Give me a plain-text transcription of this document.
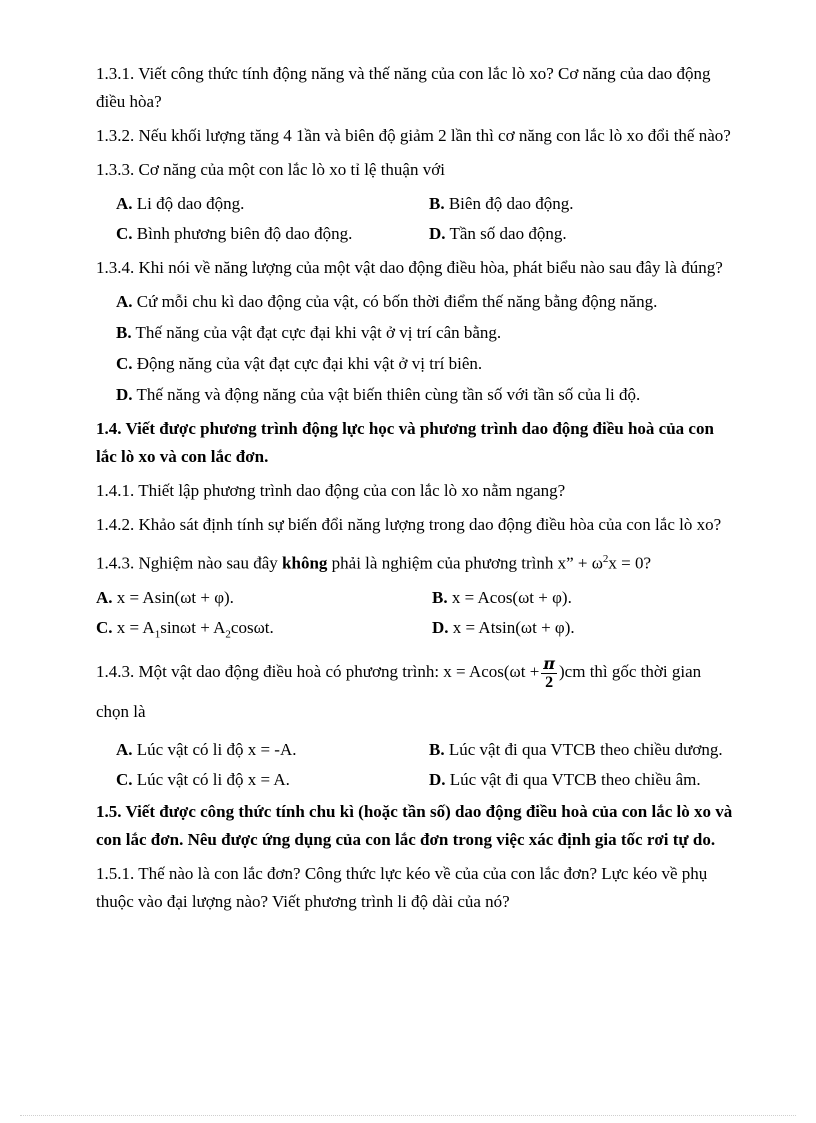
1.3.1. Viết công thức tính động năng và thế năng của con lắc lò xo? Cơ năng của dao động điều hòa?

1.3.2. Nếu khối lượng tăng 4 1ần và biên độ giảm 2 lần thì cơ năng con lắc lò xo đổi thế nào?

1.3.3. Cơ năng của một con lắc lò xo tỉ lệ thuận với

A. Li độ dao động.	B. Biên độ dao động.
C. Bình phương biên độ dao động.	D. Tần số dao động.

1.3.4. Khi nói về năng lượng của một vật dao động điều hòa, phát biểu nào sau đây là đúng?

A. Cứ mỗi chu kì dao động của vật, có bốn thời điểm thế năng bằng động năng.
B. Thế năng của vật đạt cực đại khi vật ở vị trí cân bằng.
C. Động năng của vật đạt cực đại khi vật ở vị trí biên.
D. Thế năng và động năng của vật biến thiên cùng tần số với tần số của li độ.

1.4. Viết được phương trình động lực học và phương trình dao động điều hoà của con lắc lò xo và con lắc đơn.

1.4.1. Thiết lập phương trình dao động của con lắc lò xo nằm ngang?

1.4.2. Khảo sát định tính sự biến đổi năng lượng trong dao động điều hòa của con lắc lò xo?

1.4.3. Nghiệm nào sau đây không phải là nghiệm của phương trình x” + $\omega^2x = 0$?

A. x = Asin(ωt + φ).	B. x = Acos(ωt + φ).
C. $x = A_1\sin\omega t + A_2\cos\omega t$.	D. x = Atsin(ωt + φ).

1.4.3. Một vật dao động điều hoà có phương trình: $x = Acos(\omega t + \frac{\pi}{2} )cm$ thì gốc thời gian chọn là

A. Lúc vật có li độ x = -A.	B. Lúc vật đi qua VTCB theo chiều dương.
C. Lúc vật có li độ x = A.	D. Lúc vật đi qua VTCB theo chiều âm.

1.5. Viết được công thức tính chu kì (hoặc tần số) dao động điều hoà của con lắc lò xo và con lắc đơn. Nêu được ứng dụng của con lắc đơn trong việc xác định gia tốc rơi tự do.

1.5.1. Thế nào là con lắc đơn? Công thức lực kéo về của của con lắc đơn? Lực kéo về phụ thuộc vào đại lượng nào? Viết phương trình li độ dài của nó?
